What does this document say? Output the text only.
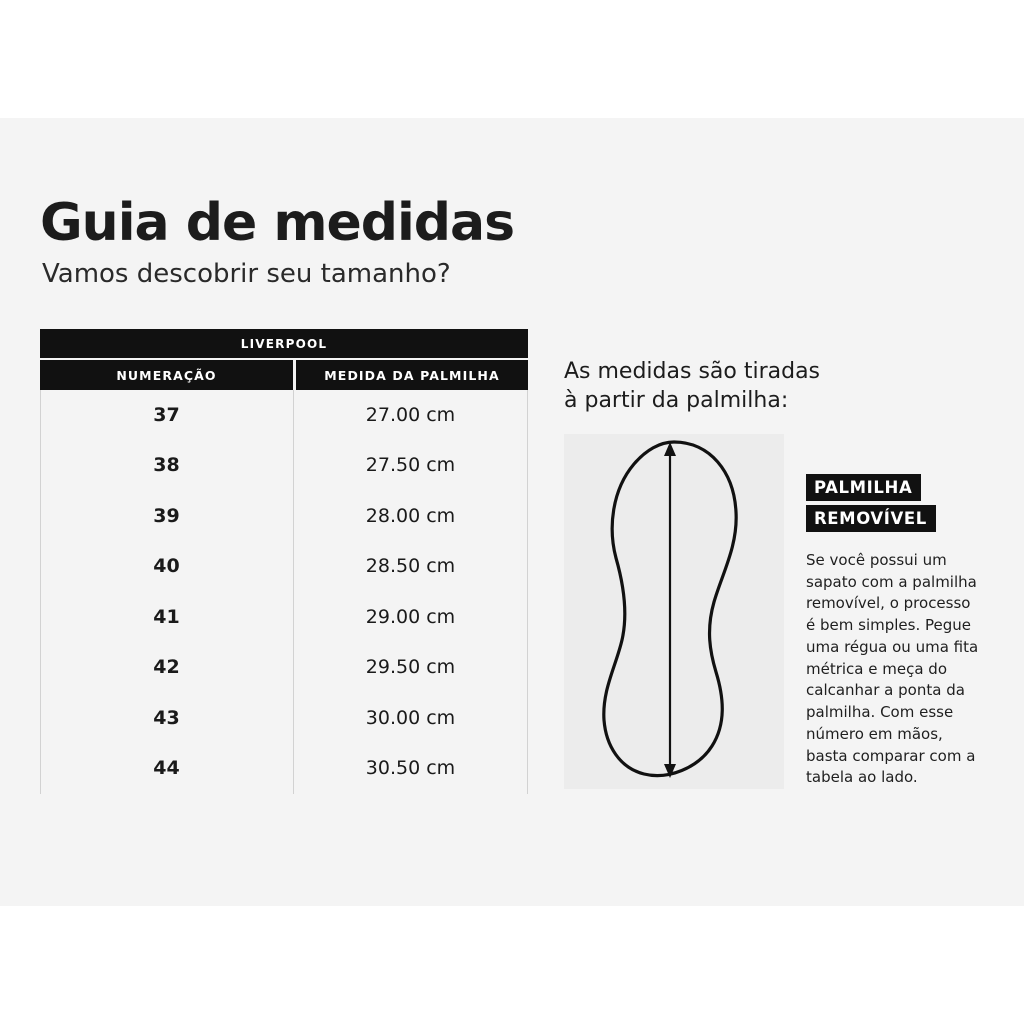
Guia de medidas
Vamos descobrir seu tamanho?
LIVERPOOL
NUMERAÇÃO	MEDIDA DA PALMILHA
37	27.00 cm
38	27.50 cm
39	28.00 cm
40	28.50 cm
41	29.00 cm
42	29.50 cm
43	30.00 cm
44	30.50 cm
As medidas são tiradas
à partir da palmilha:
PALMILHA
REMOVÍVEL

Se você possui um sapato com a palmilha removível, o processo é bem simples. Pegue uma régua ou uma fita métrica e meça do calcanhar a ponta da palmilha. Com esse número em mãos, basta comparar com a tabela ao lado.
